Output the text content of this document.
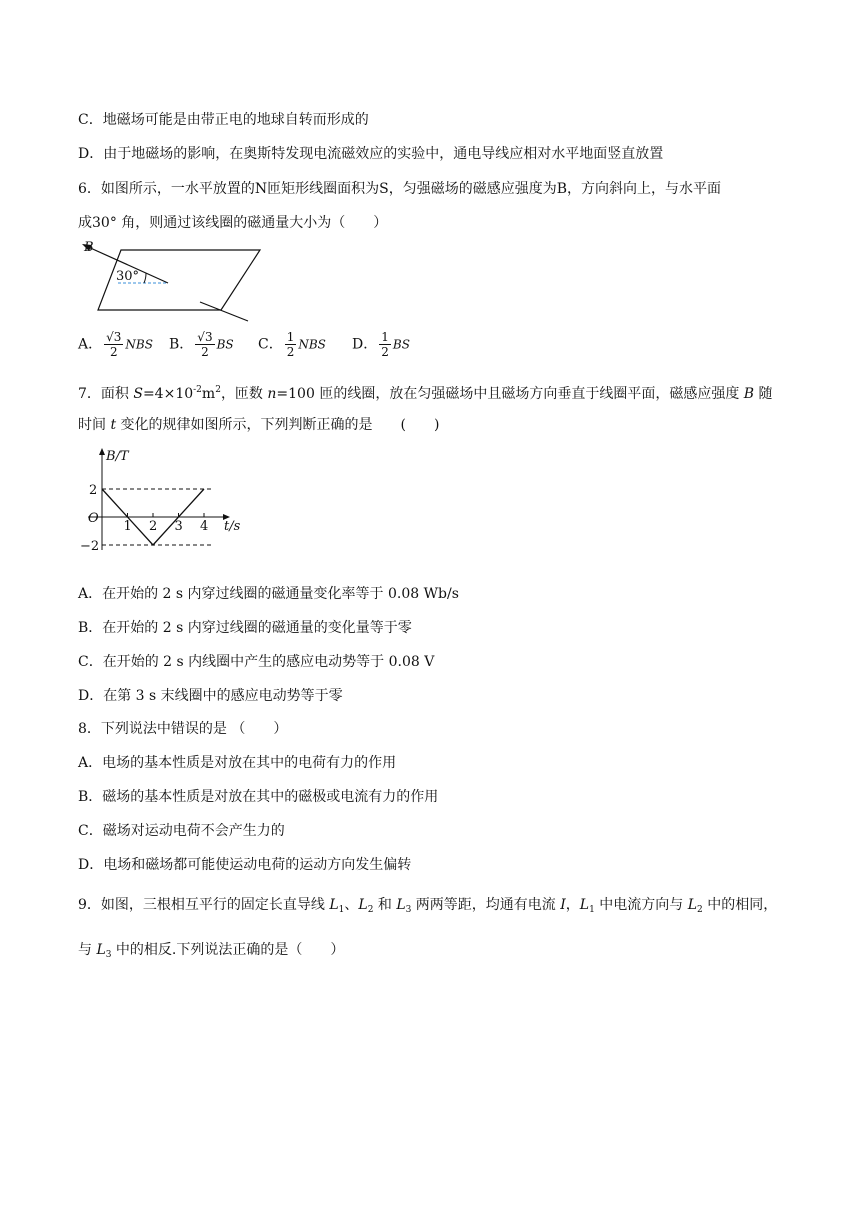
C．地磁场可能是由带正电的地球自转而形成的
D．由于地磁场的影响，在奥斯特发现电流磁效应的实验中，通电导线应相对水平地面竖直放置
6．如图所示，一水平放置的N匝矩形线圈面积为S，匀强磁场的磁感应强度为B，方向斜向上，与水平面
成30° 角，则通过该线圈的磁通量大小为（　　）
B
30°
A． $\frac{√3}{2}$ NBS B． $\frac{√3}{2}$ BS C． $\frac{1}{2}$ NBS D． $\frac{1}{2}$ BS
7．面积 $S=4\times 10^{-2}m^2$，匝数 n=100 匝的线圈，放在匀强磁场中且磁场方向垂直于线圈平面，磁感应强度 B 随
时间 t 变化的规律如图所示，下列判断正确的是　　(　　)
B/T
t/s
O
2
−2
1 2 3 4
A．在开始的 2 s 内穿过线圈的磁通量变化率等于 0.08 Wb/s
B．在开始的 2 s 内穿过线圈的磁通量的变化量等于零
C．在开始的 2 s 内线圈中产生的感应电动势等于 0.08 V
D．在第 3 s 末线圈中的感应电动势等于零
8．下列说法中错误的是 （　　）
A．电场的基本性质是对放在其中的电荷有力的作用
B．磁场的基本性质是对放在其中的磁极或电流有力的作用
C．磁场对运动电荷不会产生力的
D．电场和磁场都可能使运动电荷的运动方向发生偏转
9．如图，三根相互平行的固定长直导线 $L_1$、$L_2$ 和 $L_3$ 两两等距，均通有电流 I，$L_1$ 中电流方向与 $L_2$ 中的相同，
与 $L_3$ 中的相反.下列说法正确的是（　　）
